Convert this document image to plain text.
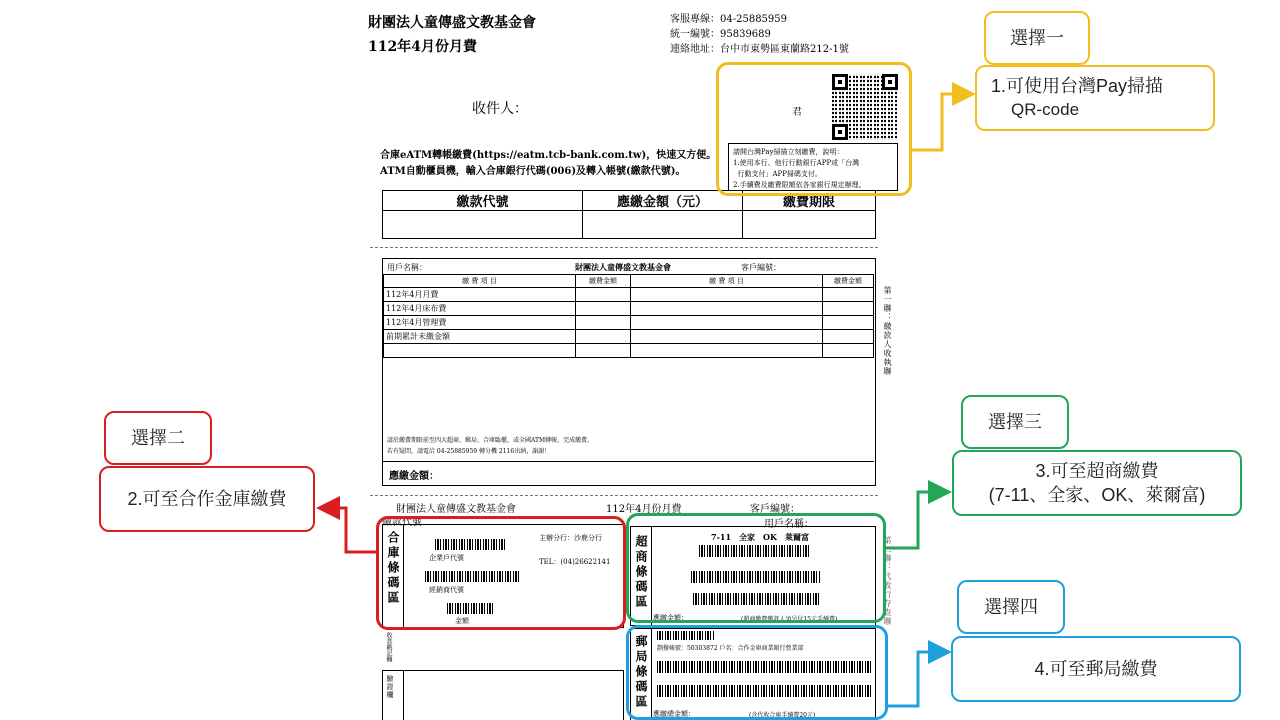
財團法人童傳盛文教基金會
112年4月份月費
客服專線：04-25885959
統一編號：95839689
連絡地址：台中市東勢區東蘭路212-1號
收件人：	君
請開台灣Pay掃描立刻繳費，說明：
1.使用本行、他行行動銀行APP或「台灣
行動支付」APP掃碼支付。
2.手續費及繳費限額依各家銀行規定辦理。
合庫eATM轉帳繳費(https://eatm.tcb-bank.com.tw)，快速又方便。
ATM自動櫃員機，輸入合庫銀行代碼(006)及轉入帳號(繳款代號)。
繳款代號	應繳金額（元）	繳費期限

用戶名稱：	財團法人童傳盛文教基金會	客戶編號：
繳 費 項 目	繳費金額	繳 費 項 目	繳費金額
112年4月月費			
112年4月床布費			
112年4月管理費			
前期累計未繳金額			

請於繳費期限前至四大超商、郵局、合庫臨櫃，或全國ATM轉帳，完成繳費。
若有疑問，請電洽 04-25885959 轉分機 2116出納，謝謝！
應繳金額：
第一聯：繳款人收執聯
財團法人童傳盛文教基金會	112年4月份月費	客戶編號：
繳款代號	用戶名稱：
合庫條碼區	企業戶代號
經銷商代號
金額
主辦分行：沙鹿分行
TEL：(04)26622141
收款戳記欄
驗證欄
超商條碼區	7-11　全家　OK　萊爾富
應繳金額：	(超商繳費繳款人須另付15元手續費)
郵局條碼區	劃撥帳號：50303872 戶名：合作金庫商業銀行營業部
應繳總金額：	(含代收合庫手續費20元)
第二聯：代收行存查聯
選擇一
1.可使用台灣Pay掃描
QR-code
選擇二
2.可至合作金庫繳費
選擇三
3.可至超商繳費
(7-11、全家、OK、萊爾富)
選擇四
4.可至郵局繳費
